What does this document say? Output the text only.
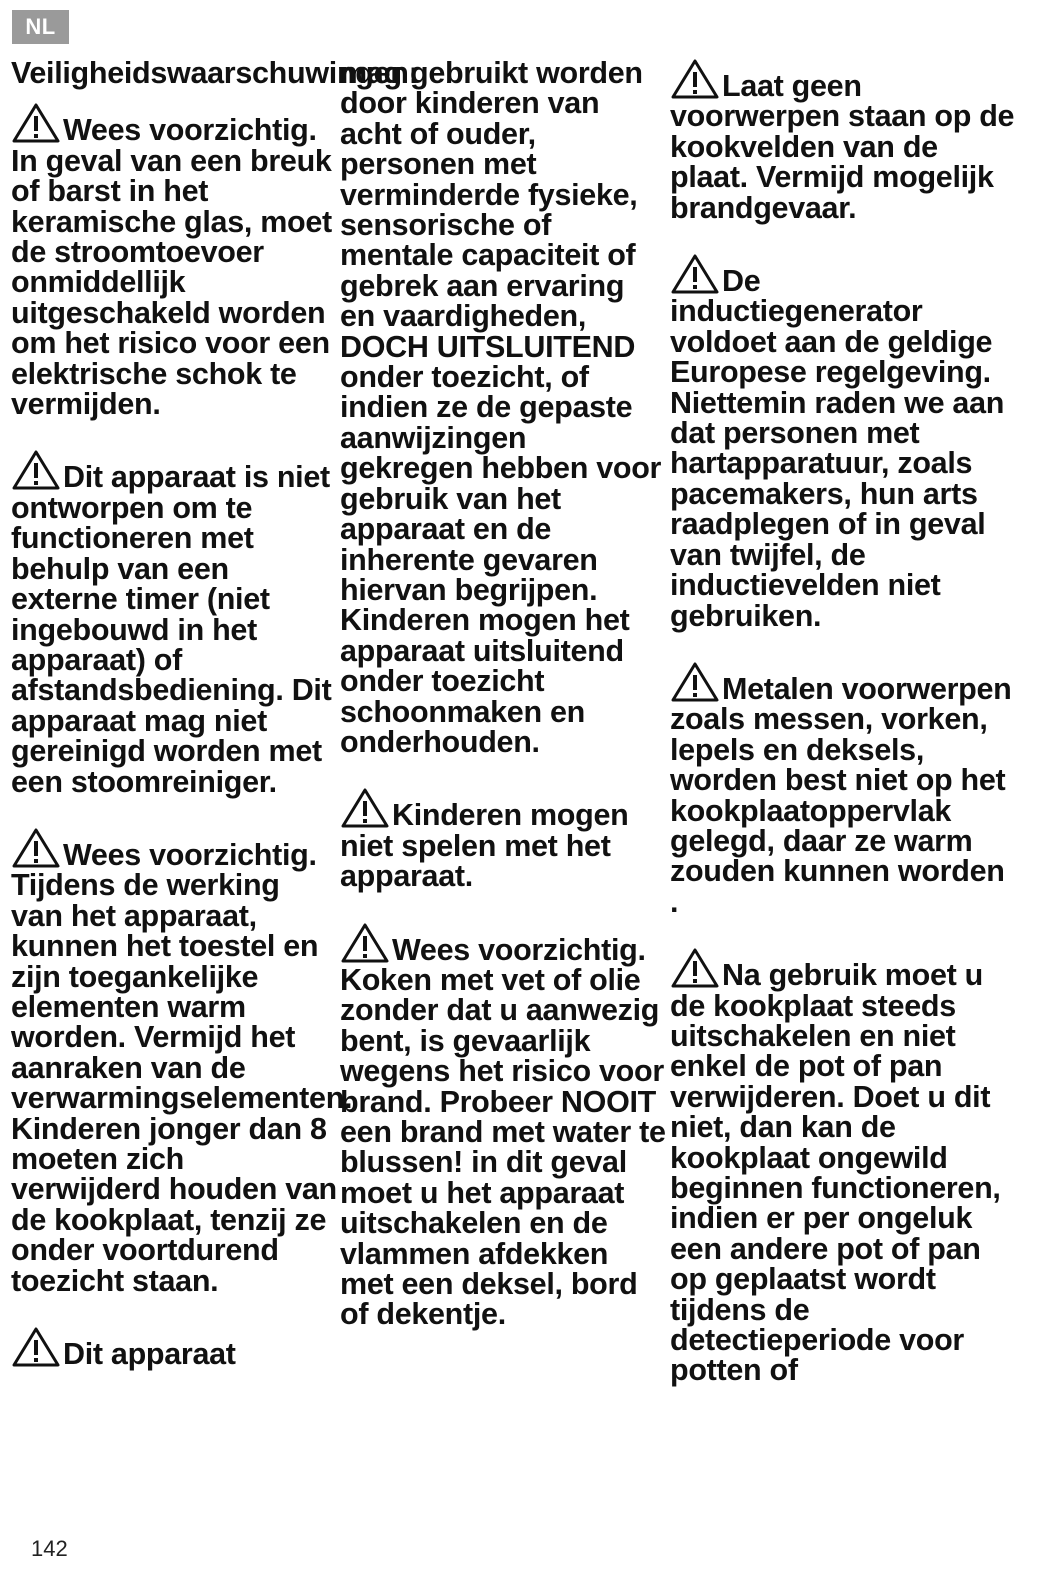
NL
Veiligheidswaarschuwingen:
Wees voorzichtig. In geval van een breuk of barst in het keramische glas, moet de stroomtoevoer onmiddellijk uitgeschakeld worden om het risico voor een elektrische schok te vermijden.
Dit apparaat is niet ontworpen om te functioneren met behulp van een externe timer (niet ingebouwd in het apparaat) of afstandsbediening. Dit apparaat mag niet gereinigd worden met een stoomreiniger.
Wees voorzichtig. Tijdens de werking van het apparaat, kunnen het toestel en zijn toegankelijke elementen warm worden. Vermijd het aanraken van de verwarmingselementen. Kinderen jonger dan 8 moeten zich verwijderd houden van de kookplaat, tenzij ze onder voortdurend toezicht staan.
Dit apparaat
mag gebruikt worden door kinderen van acht of ouder, personen met verminderde fysieke, sensorische of mentale capaciteit of gebrek aan ervaring en vaardigheden, DOCH UITSLUITEND onder toezicht, of indien ze de gepaste aanwijzingen gekregen hebben voor gebruik van het apparaat en de inherente gevaren hiervan begrijpen. Kinderen mogen het apparaat uitsluitend onder toezicht schoonmaken en onderhouden.
Kinderen mogen niet spelen met het apparaat.
Wees voorzichtig. Koken met vet of olie zonder dat u aanwezig bent, is gevaarlijk wegens het risico voor brand. Probeer NOOIT een brand met water te blussen! in dit geval moet u het apparaat uitschakelen en de vlammen afdekken met een deksel, bord of dekentje.
Laat geen voorwerpen staan op de kookvelden van de plaat. Vermijd mogelijk brandgevaar.
De inductiegenerator voldoet aan de geldige Europese regelgeving. Niettemin raden we aan dat personen met hartapparatuur, zoals pacemakers, hun arts raadplegen of in geval van twijfel, de inductievelden niet gebruiken.
Metalen voorwerpen zoals messen, vorken, lepels en deksels, worden best niet op het kookplaatoppervlak gelegd, daar ze warm zouden kunnen worden .
Na gebruik moet u de kookplaat steeds uitschakelen en niet enkel de pot of pan verwijderen. Doet u dit niet, dan kan de kookplaat ongewild beginnen functioneren, indien er per ongeluk een andere pot of pan op geplaatst wordt tijdens de detectieperiode voor potten of
142
